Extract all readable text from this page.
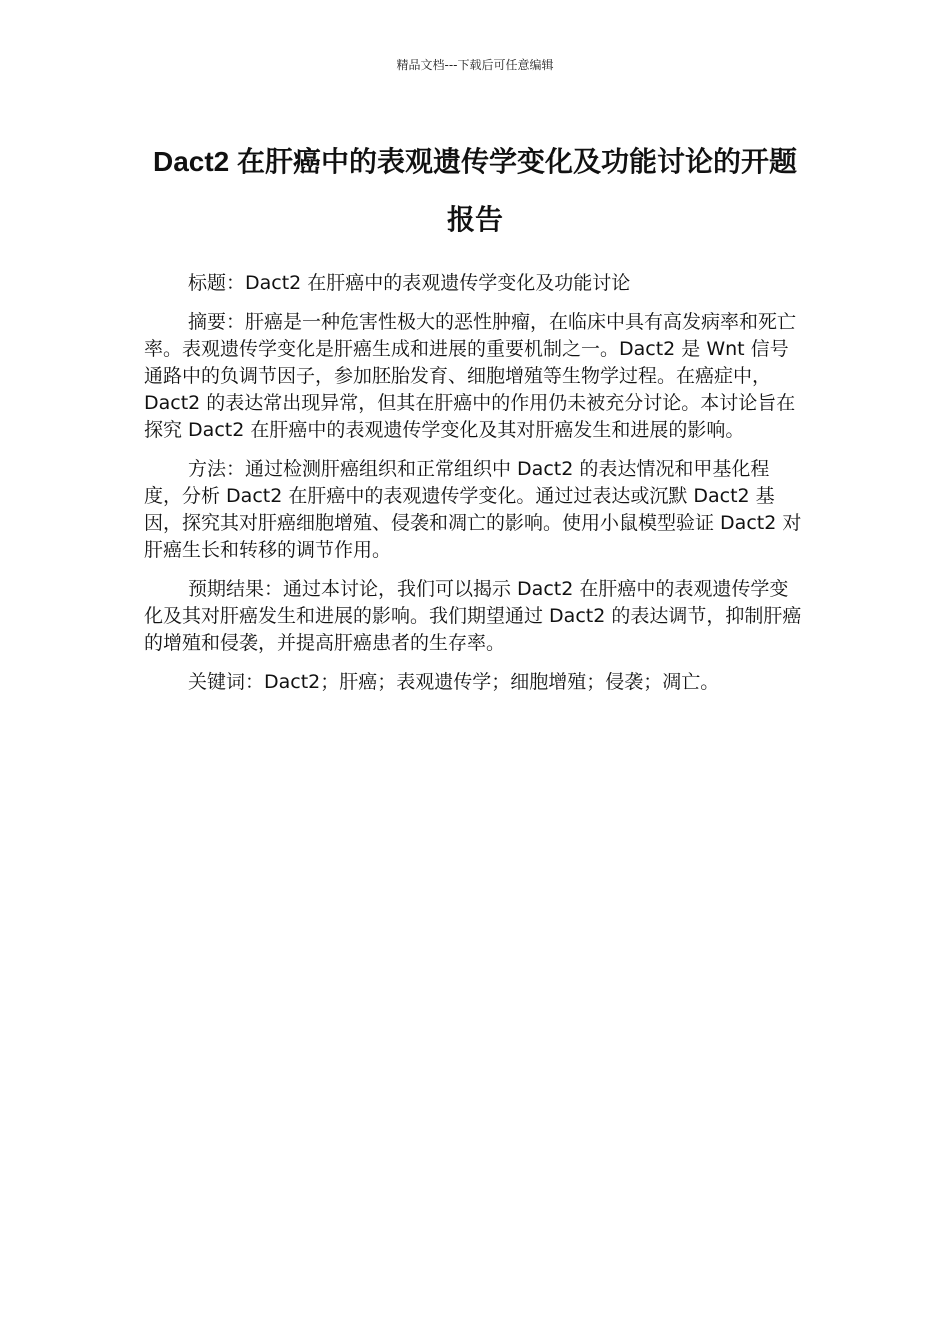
精品文档---下载后可任意编辑
Dact2 在肝癌中的表观遗传学变化及功能讨论的开题报告

标题：Dact2 在肝癌中的表观遗传学变化及功能讨论

摘要：肝癌是一种危害性极大的恶性肿瘤，在临床中具有高发病率和死亡率。表观遗传学变化是肝癌生成和进展的重要机制之一。Dact2 是 Wnt 信号通路中的负调节因子，参加胚胎发育、细胞增殖等生物学过程。在癌症中，Dact2 的表达常出现异常，但其在肝癌中的作用仍未被充分讨论。本讨论旨在探究 Dact2 在肝癌中的表观遗传学变化及其对肝癌发生和进展的影响。

方法：通过检测肝癌组织和正常组织中 Dact2 的表达情况和甲基化程度，分析 Dact2 在肝癌中的表观遗传学变化。通过过表达或沉默 Dact2 基因，探究其对肝癌细胞增殖、侵袭和凋亡的影响。使用小鼠模型验证 Dact2 对肝癌生长和转移的调节作用。

预期结果：通过本讨论，我们可以揭示 Dact2 在肝癌中的表观遗传学变化及其对肝癌发生和进展的影响。我们期望通过 Dact2 的表达调节，抑制肝癌的增殖和侵袭，并提高肝癌患者的生存率。

关键词：Dact2；肝癌；表观遗传学；细胞增殖；侵袭；凋亡。
